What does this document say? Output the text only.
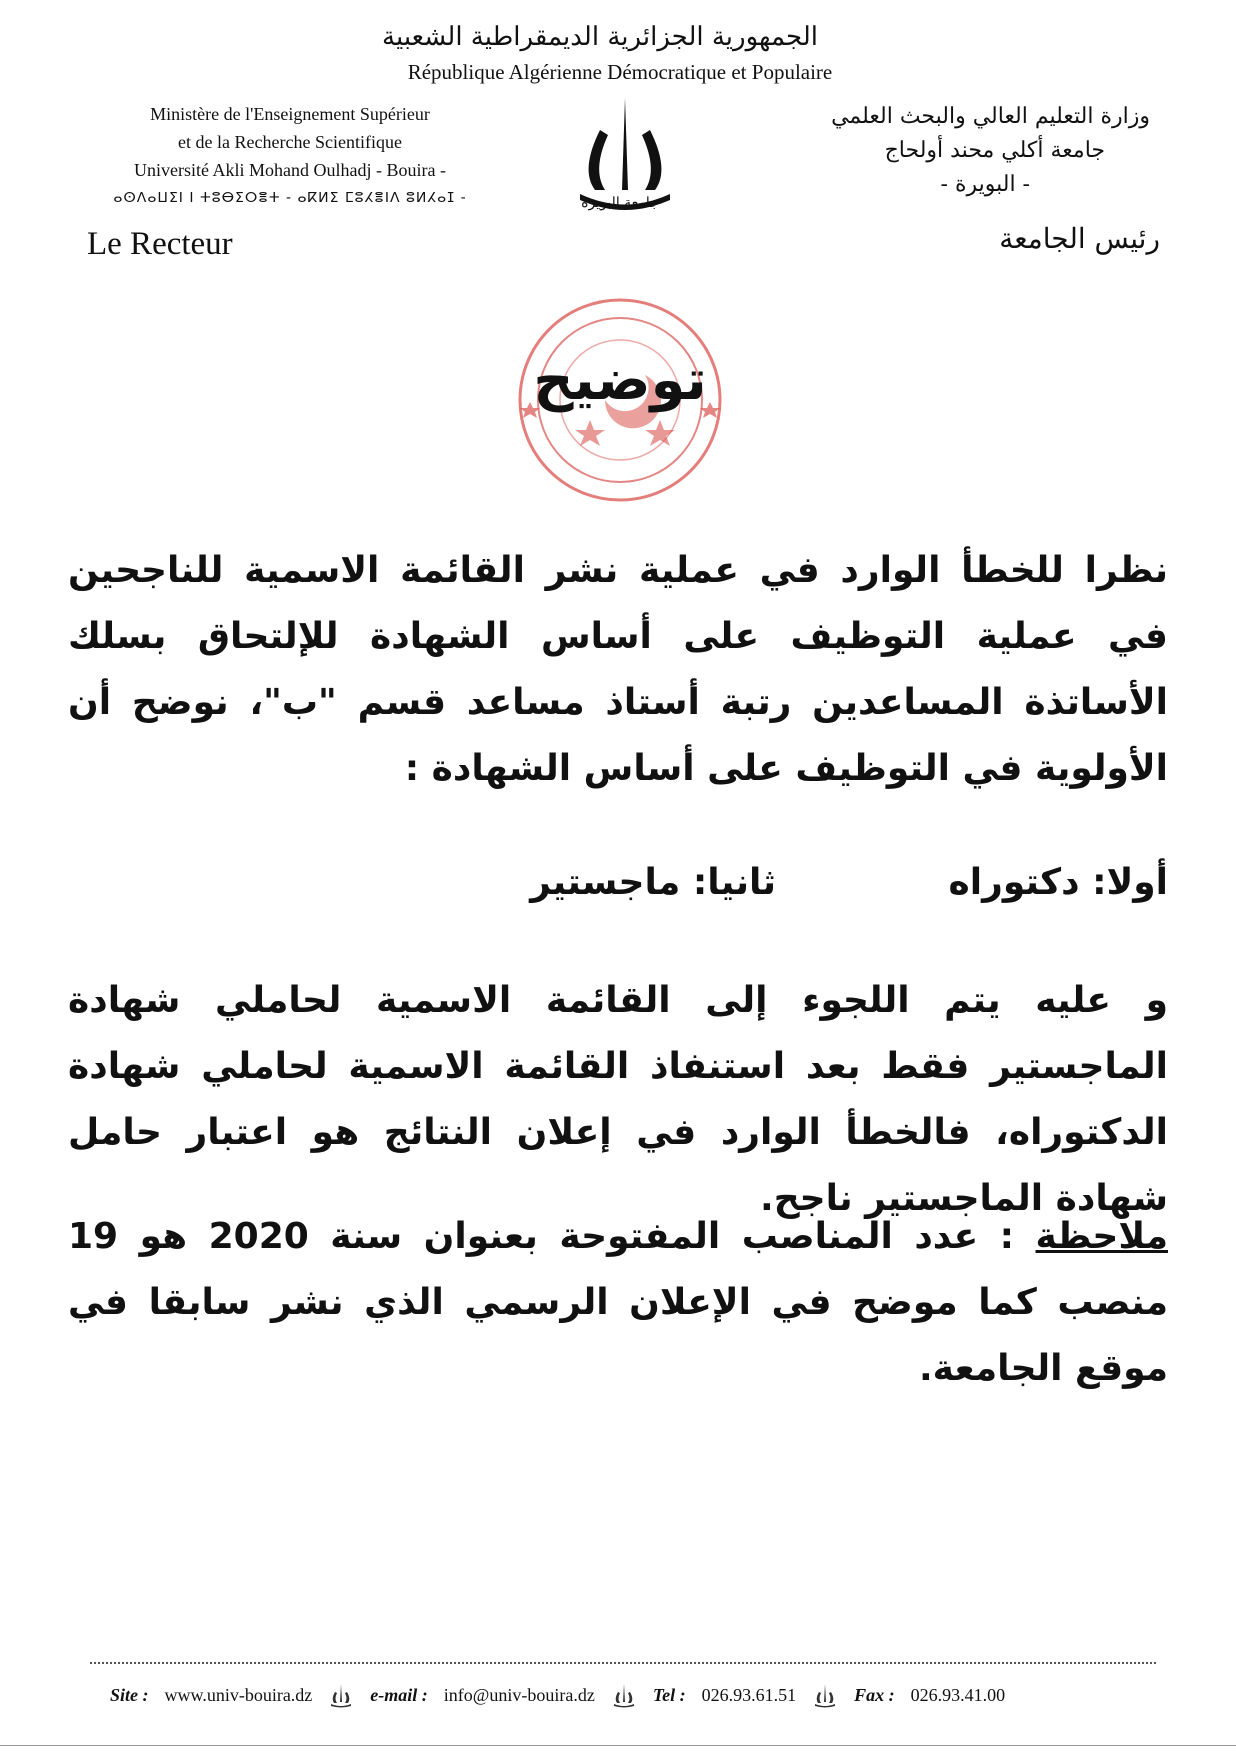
الجمهورية الجزائرية الديمقراطية الشعبية
République Algérienne Démocratique et Populaire
Ministère de l'Enseignement Supérieur
et de la Recherche Scientifique
Université Akli Mohand Oulhadj - Bouira -
ⴰⵙⴷⴰⵡⵉⵏ ⵏ ⵜⵓⴱⵉⵔⴻⵜ - ⴰⴽⵍⵉ ⵎⵓⵃⴻⵏⴷ ⵓⵍⵃⴰⵊ -
Le Recteur
وزارة التعليم العالي والبحث العلمي
جامعة أكلي محند أولحاج
- البويرة -
رئيس الجامعة
جامعة البويرة
توضيح
نظرا للخطأ الوارد في عملية نشر القائمة الاسمية للناجحين في عملية التوظيف على أساس الشهادة للإلتحاق بسلك الأساتذة المساعدين رتبة أستاذ مساعد قسم "ب"، نوضح أن الأولوية في التوظيف على أساس الشهادة :
أولا: دكتوراه ثانيا: ماجستير
و عليه يتم اللجوء إلى القائمة الاسمية لحاملي شهادة الماجستير فقط بعد استنفاذ القائمة الاسمية لحاملي شهادة الدكتوراه، فالخطأ الوارد في إعلان النتائج هو اعتبار حامل شهادة الماجستير ناجح.
ملاحظة : عدد المناصب المفتوحة بعنوان سنة 2020 هو 19 منصب كما موضح في الإعلان الرسمي الذي نشر سابقا في موقع الجامعة.
Site : www.univ-bouira.dz	e-mail : info@univ-bouira.dz	Tel : 026.93.61.51	Fax : 026.93.41.00
